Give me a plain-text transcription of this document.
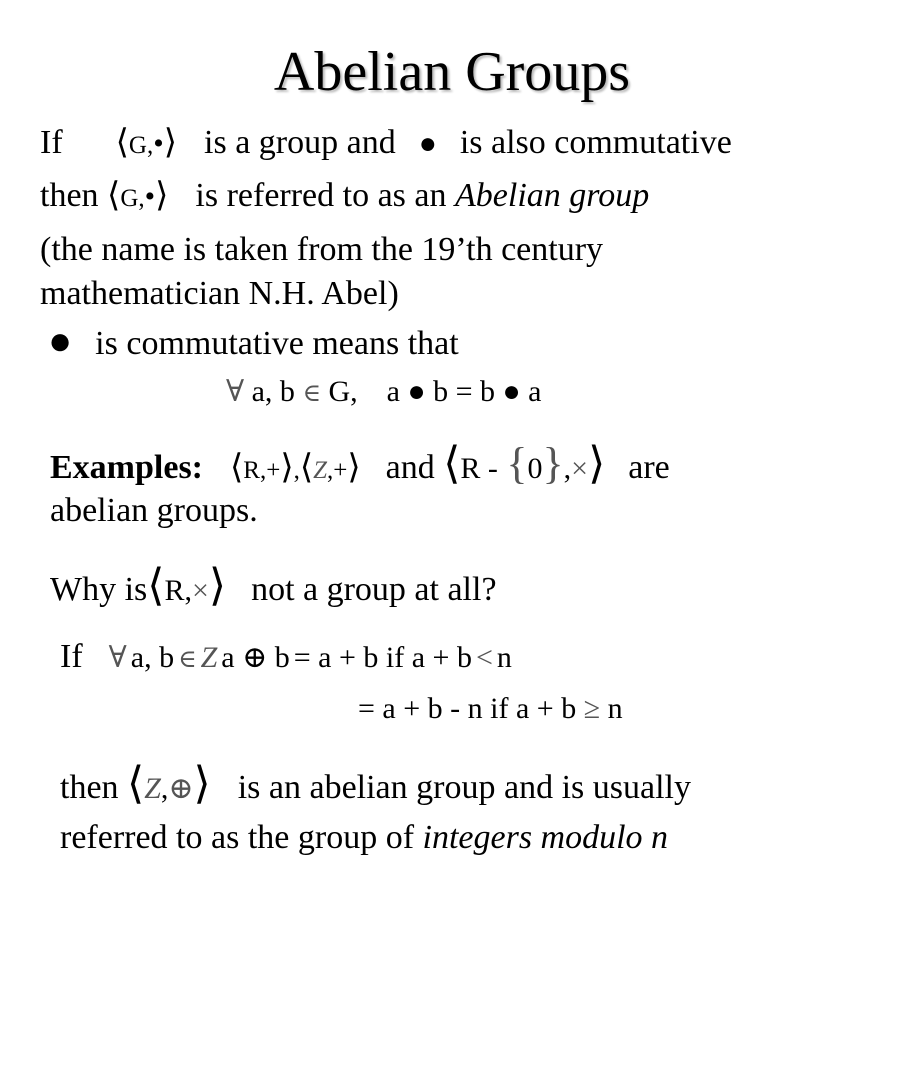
Abelian Groups
If ⟨G,•⟩ is a group and ● is also commutative
then ⟨G,•⟩ is referred to as an Abelian group
(the name is taken from the 19’th century
mathematician N.H. Abel)
● is commutative means that
∀ a, b ∈ G, a ● b = b ● a
Examples: ⟨R,+⟩,⟨Z,+⟩ and ⟨R - {0},×⟩ are
abelian groups.
Why is⟨R,×⟩ not a group at all?
If ∀ a, b ∈ Z a ⊕ b = a + b if a + b < n
= a + b - n if a + b ≥ n
then ⟨Z,⊕⟩ is an abelian group and is usually
referred to as the group of integers modulo n
